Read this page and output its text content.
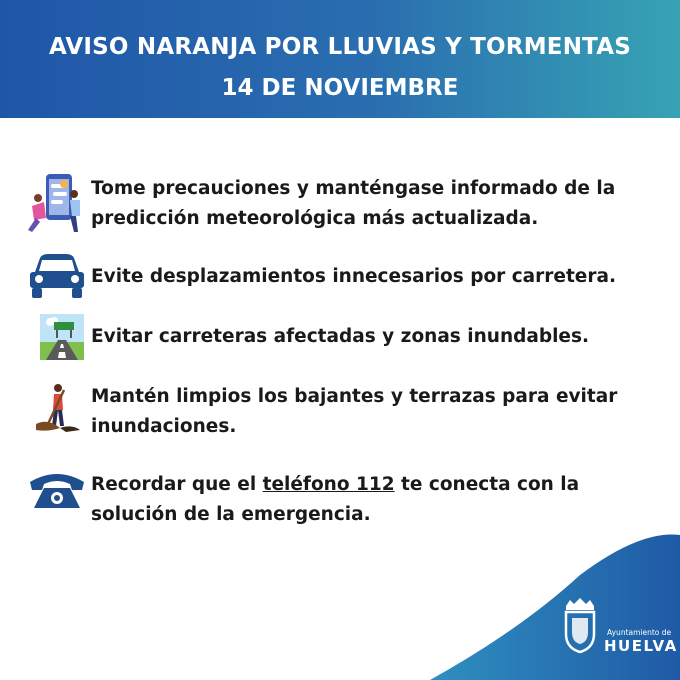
AVISO NARANJA POR LLUVIAS Y TORMENTAS
14 DE NOVIEMBRE
Tome precauciones y manténgase informado de la predicción meteorológica más actualizada.
Evite desplazamientos innecesarios por carretera.
Evitar carreteras afectadas y zonas inundables.
Mantén limpios los bajantes y terrazas para evitar inundaciones.
Recordar que el teléfono 112 te conecta con la solución de la emergencia.
Ayuntamiento de
HUELVA
